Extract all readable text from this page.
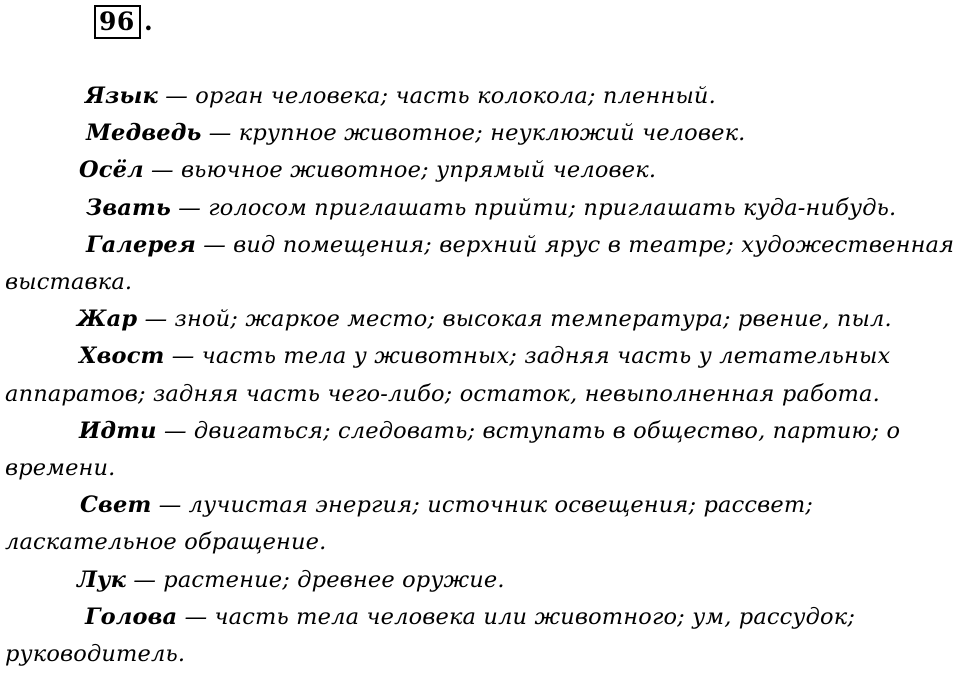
96 .

Язык — орган человека; часть колокола; пленный.

Медведь — крупное животное; неуклюжий человек.

Осёл — вьючное животное; упрямый человек.

Звать — голосом приглашать прийти; приглашать куда-нибудь.

Галерея — вид помещения; верхний ярус в театре; художественная

выставка.

Жар — зной; жаркое место; высокая температура; рвение, пыл.

Хвост — часть тела у животных; задняя часть у летательных

аппаратов; задняя часть чего-либо; остаток, невыполненная работа.

Идти — двигаться; следовать; вступать в общество, партию; о

времени.

Свет — лучистая энергия; источник освещения; рассвет;

ласкательное обращение.

Лук — растение; древнее оружие.

Голова — часть тела человека или животного; ум, рассудок;

руководитель.
